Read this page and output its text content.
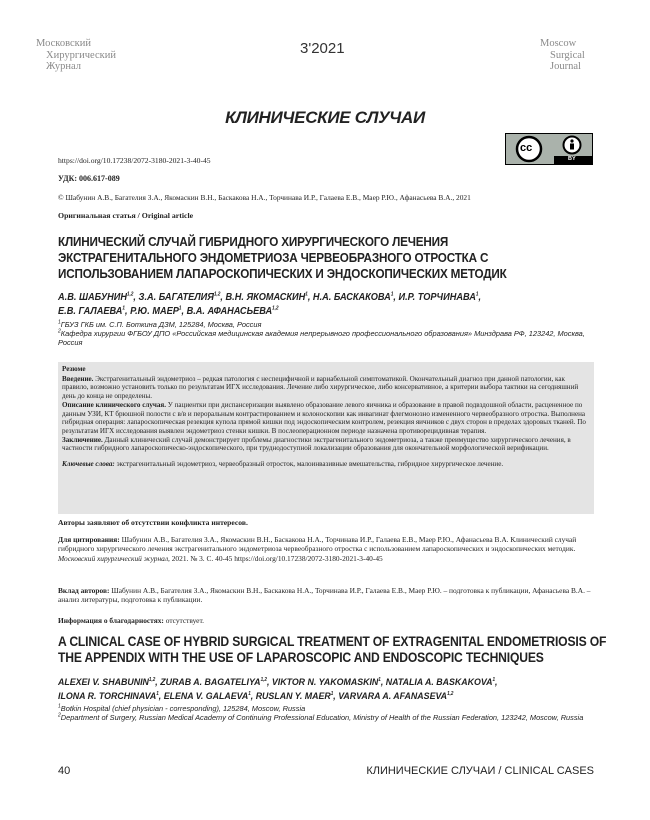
Московский
Хирургический
Журнал
3'2021	Moscow
Surgical
Journal
КЛИНИЧЕСКИЕ СЛУЧАИ
cc
BY
https://doi.org/10.17238/2072-3180-2021-3-40-45
УДК: 006.617-089
© Шабунин А.В., Багателия З.А., Якомаскин В.Н., Баскакова Н.А., Торчинава И.Р., Галаева Е.В., Маер Р.Ю., Афанасьева В.А., 2021
Оригинальная статья / Original article
КЛИНИЧЕСКИЙ СЛУЧАЙ ГИБРИДНОГО ХИРУРГИЧЕСКОГО ЛЕЧЕНИЯ
ЭКСТРАГЕНИТАЛЬНОГО ЭНДОМЕТРИОЗА ЧЕРВЕОБРАЗНОГО ОТРОСТКА С
ИСПОЛЬЗОВАНИЕМ ЛАПАРОСКОПИЧЕСКИХ И ЭНДОСКОПИЧЕСКИХ МЕТОДИК
А.В. ШАБУНИН$^{1,2}$, З.А. БАГАТЕЛИЯ$^{1,2}$, В.Н. ЯКОМАСКИН$^1$, Н.А. БАСКАКОВА$^1$, И.Р. ТОРЧИНАВА$^1$,
Е.В. ГАЛАЕВА$^1$, Р.Ю. МАЕР$^1$, В.А. АФАНАСЬЕВА$^{1,2}$
$^1$ГБУЗ ГКБ им. С.П. Боткина ДЗМ, 125284, Москва, Россия
$^2$Кафедра хирургии ФГБОУ ДПО «Российская медицинская академия непрерывного профессионального образования» Минздрава РФ, 123242, Москва, Россия

Резюме

Введение. Экстрагенитальный эндометриоз – редкая патология с неспецифичной и вариабельной симптоматикой. Окончательный диагноз при данной патологии, как правило, возможно установить только по результатам ИГХ исследования. Лечение либо хирургическое, либо консервативное, а критерии выбора тактики на сегодняшний день до конца не определены.

Описание клинического случая. У пациентки при диспансеризации выявлено образование левого яичника и образование в правой подвздошной области, расцененное по данным УЗИ, КТ брюшной полости с в/в и пероральным контрастированием и колоноскопии как инвагинат флегмонозно измененного червеобразного отростка. Выполнена гибридная операция: лапароскопическая резекция купола прямой кишки под эндоскопическим контролем, резекция яичников с двух сторон в пределах здоровых тканей. По результатам ИГХ исследования выявлен эндометриоз стенки кишки. В послеоперационном периоде назначена противорецидивная терапия.

Заключение. Данный клинический случай демонстрирует проблемы диагностики экстрагенитального эндометриоза, а также преимущество хирургического лечения, в частности гибридного лапароскопическо-эндоскопического, при труднодоступной локализации образования для окончательной морфологической верификации.

Ключевые слова: экстрагенитальный эндометриоз, червеобразный отросток, малоинвазивные вмешательства, гибридное хирургическое лечение.

Авторы заявляют об отсутствии конфликта интересов.
Для цитирования: Шабунин А.В., Багателия З.А., Якомаскин В.Н., Баскакова Н.А., Торчинава И.Р., Галаева Е.В., Маер Р.Ю., Афанасьева В.А. Клинический случай гибридного хирургического лечения экстрагенитального эндометриоза червеобразного отростка с использованием лапароскопических и эндоскопических методик. Московский хирургический журнал, 2021. № 3. С. 40-45 https://doi.org/10.17238/2072-3180-2021-3-40-45
Вклад авторов: Шабунин А.В., Багателия З.А., Якомаскин В.Н., Баскакова Н.А., Торчинава И.Р., Галаева Е.В., Маер Р.Ю. – подготовка к публикации, Афанасьева В.А. – анализ литературы, подготовка к публикации.
Информация о благодарностях: отсутствует.
A CLINICAL CASE OF HYBRID SURGICAL TREATMENT OF EXTRAGENITAL ENDOMETRIOSIS OF
THE APPENDIX WITH THE USE OF LAPAROSCOPIC AND ENDOSCOPIC TECHNIQUES
ALEXEI V. SHABUNIN$^{1,2}$, ZURAB A. BAGATELIYA$^{1,2}$, VIKTOR N. YAKOMASKIN$^1$, NATALIA A. BASKAKOVA$^1$,
ILONA R. TORCHINAVA$^1$, ELENA V. GALAEVA$^1$, RUSLAN Y. MAER$^1$, VARVARA A. AFANASEVA$^{1,2}$
$^1$Botkin Hospital (chief physician - corresponding), 125284, Moscow, Russia
$^2$Department of Surgery, Russian Medical Academy of Continuing Professional Education, Ministry of Health of the Russian Federation, 123242, Moscow, Russia
40	КЛИНИЧЕСКИЕ СЛУЧАИ / CLINICAL CASES
